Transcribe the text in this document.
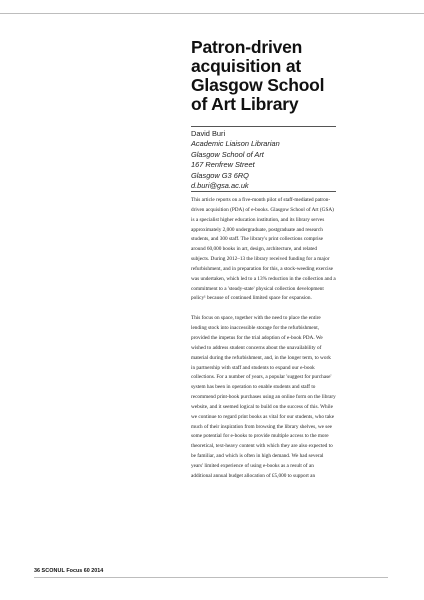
Patron-driven
acquisition at
Glasgow School
of Art Library
David Buri
Academic Liaison Librarian
Glasgow School of Art
167 Renfrew Street
Glasgow G3 6RQ
d.buri@gsa.ac.uk

This article reports on a five-month pilot of staff-mediated patron-driven acquisition (PDA) of e-books. Glasgow School of Art (GSA) is a specialist higher education institution, and its library serves approximately 2,000 undergraduate, postgraduate and research students, and 300 staff. The library's print collections comprise around 60,000 books in art, design, architecture, and related subjects. During 2012–13 the library received funding for a major refurbishment, and in preparation for this, a stock-weeding exercise was undertaken, which led to a 13% reduction in the collection and a commitment to a 'steady-state' physical collection development policy¹ because of continued limited space for expansion.

This focus on space, together with the need to place the entire lending stock into inaccessible storage for the refurbishment, provided the impetus for the trial adoption of e-book PDA. We wished to address student concerns about the unavailability of material during the refurbishment, and, in the longer term, to work in partnership with staff and students to expand our e-book collections. For a number of years, a popular 'suggest for purchase' system has been in operation to enable students and staff to recommend print-book purchases using an online form on the library website, and it seemed logical to build on the success of this. While we continue to regard print books as vital for our students, who take much of their inspiration from browsing the library shelves, we see some potential for e-books to provide multiple access to the more theoretical, text-heavy content with which they are also expected to be familiar, and which is often in high demand. We had several years' limited experience of using e-books as a result of an additional annual budget allocation of £5,000 to support an

36 SCONUL Focus 60 2014
